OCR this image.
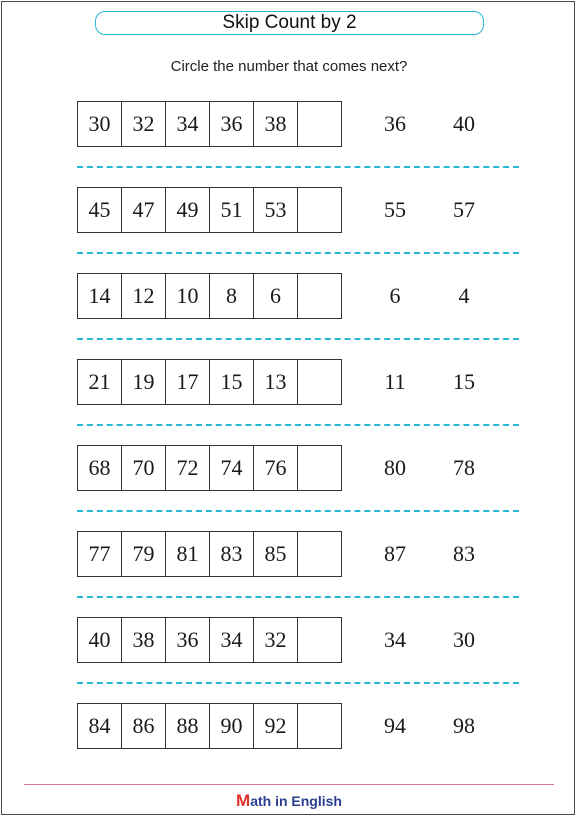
Skip Count by 2
Circle the number that comes next?
30	32	34	36	38	36	40
45	47	49	51	53	55	57
14	12	10	8	6	6	4
21	19	17	15	13	11	15
68	70	72	74	76	80	78
77	79	81	83	85	87	83
40	38	36	34	32	34	30
84	86	88	90	92	94	98
Math in English
